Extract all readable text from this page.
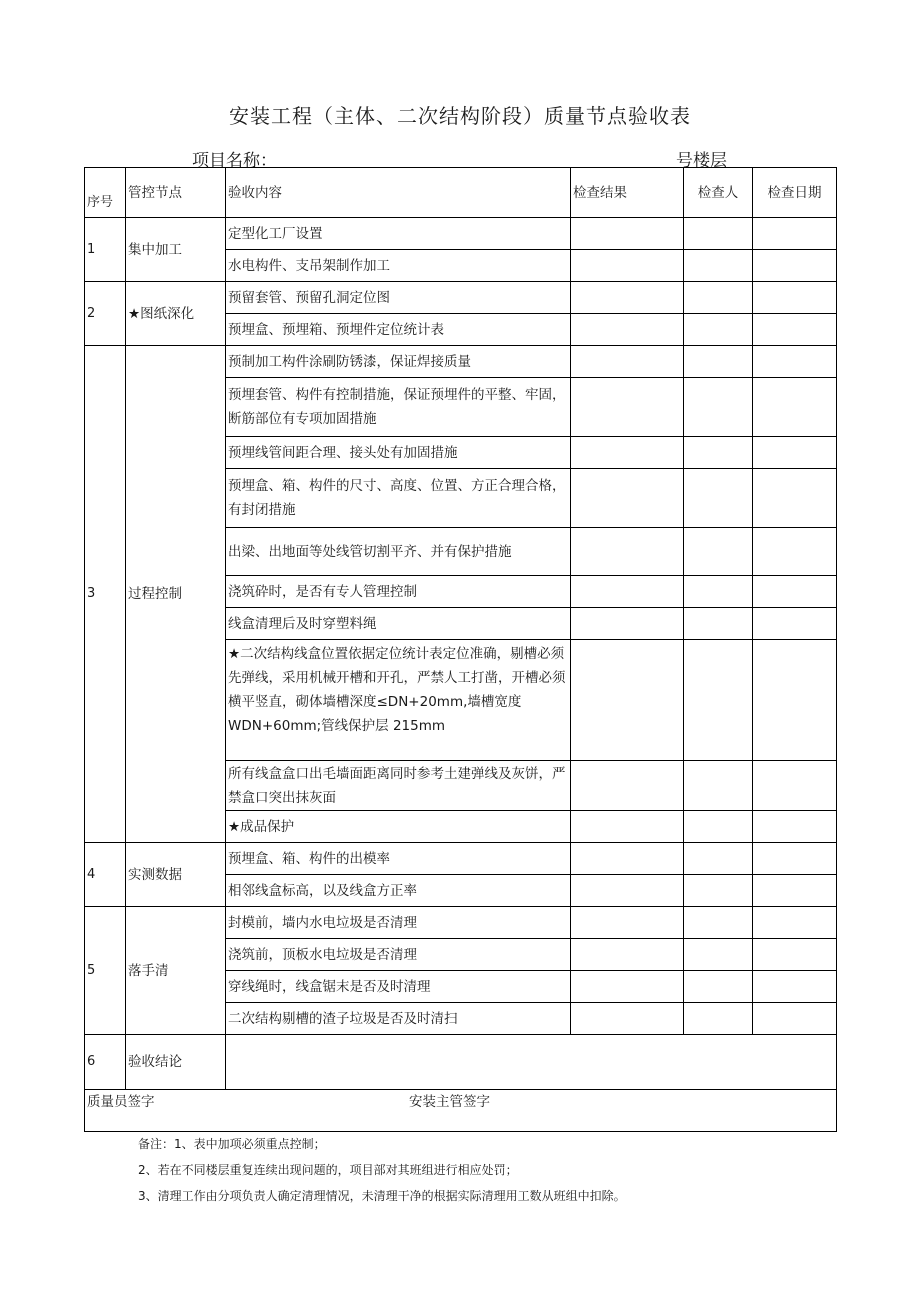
安装工程（主体、二次结构阶段）质量节点验收表
项目名称：	号楼层
序号	管控节点	验收内容	检查结果	检查人	检查日期
1	集中加工	定型化工厂设置			
		水电构件、支吊架制作加工			
2	★图纸深化	预留套管、预留孔洞定位图			
		预埋盒、预埋箱、预埋件定位统计表			
3	过程控制	预制加工构件涂刷防锈漆，保证焊接质量			
		预埋套管、构件有控制措施，保证预埋件的平整、牢固，断筋部位有专项加固措施			
		预埋线管间距合理、接头处有加固措施			
		预埋盒、箱、构件的尺寸、高度、位置、方正合理合格，有封闭措施			
		出梁、出地面等处线管切割平齐、并有保护措施			
		浇筑砕时，是否有专人管理控制			
		线盒清理后及时穿塑料绳			
		★二次结构线盒位置依据定位统计表定位准确，剔槽必须先弹线，采用机械开槽和开孔，严禁人工打凿，开槽必须横平竖直，砌体墙槽深度≤DN+20mm,墙槽宽度 WDN+60mm;管线保护层 215mm			
		所有线盒盒口出毛墙面距离同时参考土建弹线及灰饼，严禁盒口突出抹灰面			
		★成品保护			
4	实测数据	预埋盒、箱、构件的出模率			
		相邻线盒标高，以及线盒方正率			
5	落手清	封模前，墙内水电垃圾是否清理			
		浇筑前，顶板水电垃圾是否清理			
		穿线绳时，线盒锯末是否及时清理			
		二次结构剔槽的渣子垃圾是否及时清扫			
6	验收结论				

质量员签字 安装主管签字					
备注：1、表中加项必须重点控制；
2、若在不同楼层重复连续出现问题的，项目部对其班组进行相应处罚；
3、清理工作由分项负责人确定清理情况，未清理干净的根据实际清理用工数从班组中扣除。
